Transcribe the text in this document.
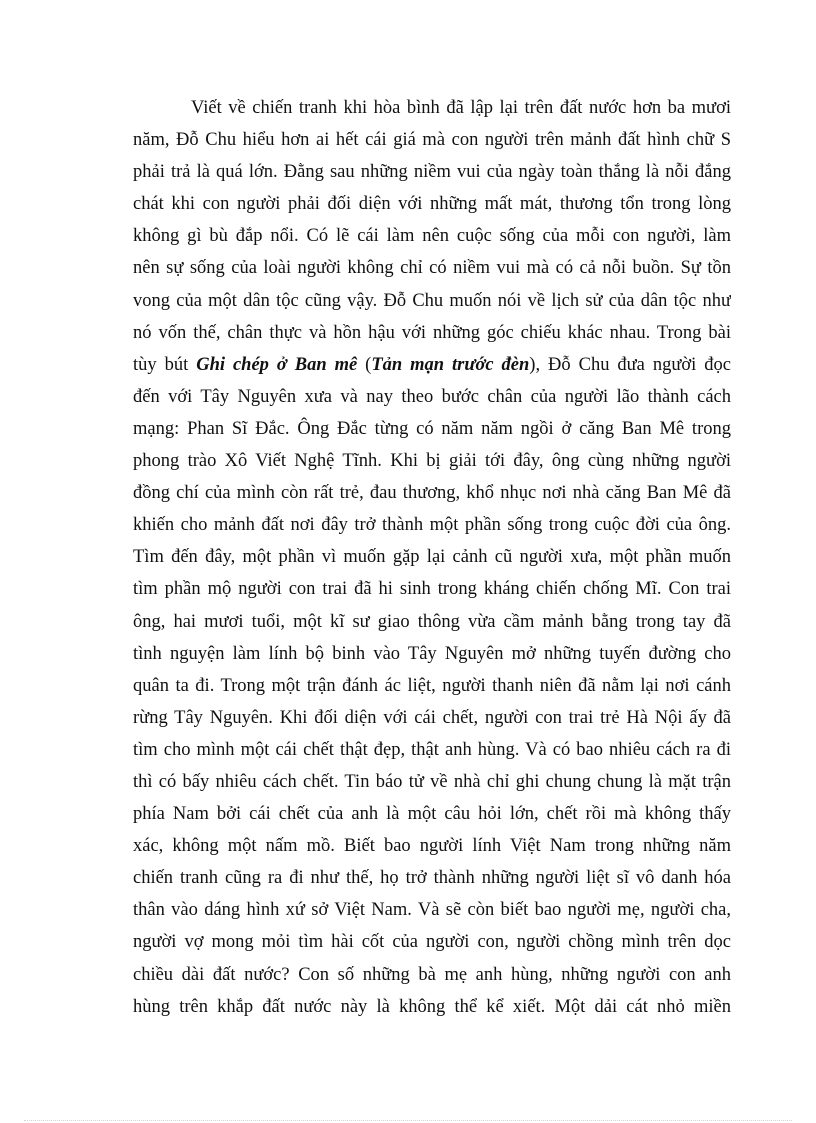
Viết về chiến tranh khi hòa bình đã lập lại trên đất nước hơn ba mươi
năm, Đỗ Chu hiểu hơn ai hết cái giá mà con người trên mảnh đất hình chữ S
phải trả là quá lớn. Đằng sau những niềm vui của ngày toàn thắng là nỗi đắng
chát khi con người phải đối diện với những mất mát, thương tổn trong lòng
không gì bù đắp nổi. Có lẽ cái làm nên cuộc sống của mỗi con người, làm
nên sự sống của loài người không chỉ có niềm vui mà có cả nỗi buồn. Sự tồn
vong của một dân tộc cũng vậy. Đỗ Chu muốn nói về lịch sử của dân tộc như
nó vốn thế, chân thực và hồn hậu với những góc chiếu khác nhau. Trong bài
tùy bút Ghi chép ở Ban mê (Tản mạn trước đèn), Đỗ Chu đưa người đọc
đến với Tây Nguyên xưa và nay theo bước chân của người lão thành cách
mạng: Phan Sĩ Đắc. Ông Đắc từng có năm năm ngồi ở căng Ban Mê trong
phong trào Xô Viết Nghệ Tĩnh. Khi bị giải tới đây, ông cùng những người
đồng chí của mình còn rất trẻ, đau thương, khổ nhục nơi nhà căng Ban Mê đã
khiến cho mảnh đất nơi đây trở thành một phần sống trong cuộc đời của ông.
Tìm đến đây, một phần vì muốn gặp lại cảnh cũ người xưa, một phần muốn
tìm phần mộ người con trai đã hi sinh trong kháng chiến chống Mĩ. Con trai
ông, hai mươi tuổi, một kĩ sư giao thông vừa cầm mảnh bằng trong tay đã
tình nguyện làm lính bộ binh vào Tây Nguyên mở những tuyến đường cho
quân ta đi. Trong một trận đánh ác liệt, người thanh niên đã nằm lại nơi cánh
rừng Tây Nguyên. Khi đối diện với cái chết, người con trai trẻ Hà Nội ấy đã
tìm cho mình một cái chết thật đẹp, thật anh hùng. Và có bao nhiêu cách ra đi
thì có bấy nhiêu cách chết. Tin báo tử về nhà chỉ ghi chung chung là mặt trận
phía Nam bởi cái chết của anh là một câu hỏi lớn, chết rồi mà không thấy
xác, không một nấm mồ. Biết bao người lính Việt Nam trong những năm
chiến tranh cũng ra đi như thế, họ trở thành những người liệt sĩ vô danh hóa
thân vào dáng hình xứ sở Việt Nam. Và sẽ còn biết bao người mẹ, người cha,
người vợ mong mỏi tìm hài cốt của người con, người chồng mình trên dọc
chiều dài đất nước? Con số những bà mẹ anh hùng, những người con anh
hùng trên khắp đất nước này là không thể kể xiết. Một dải cát nhỏ miền
